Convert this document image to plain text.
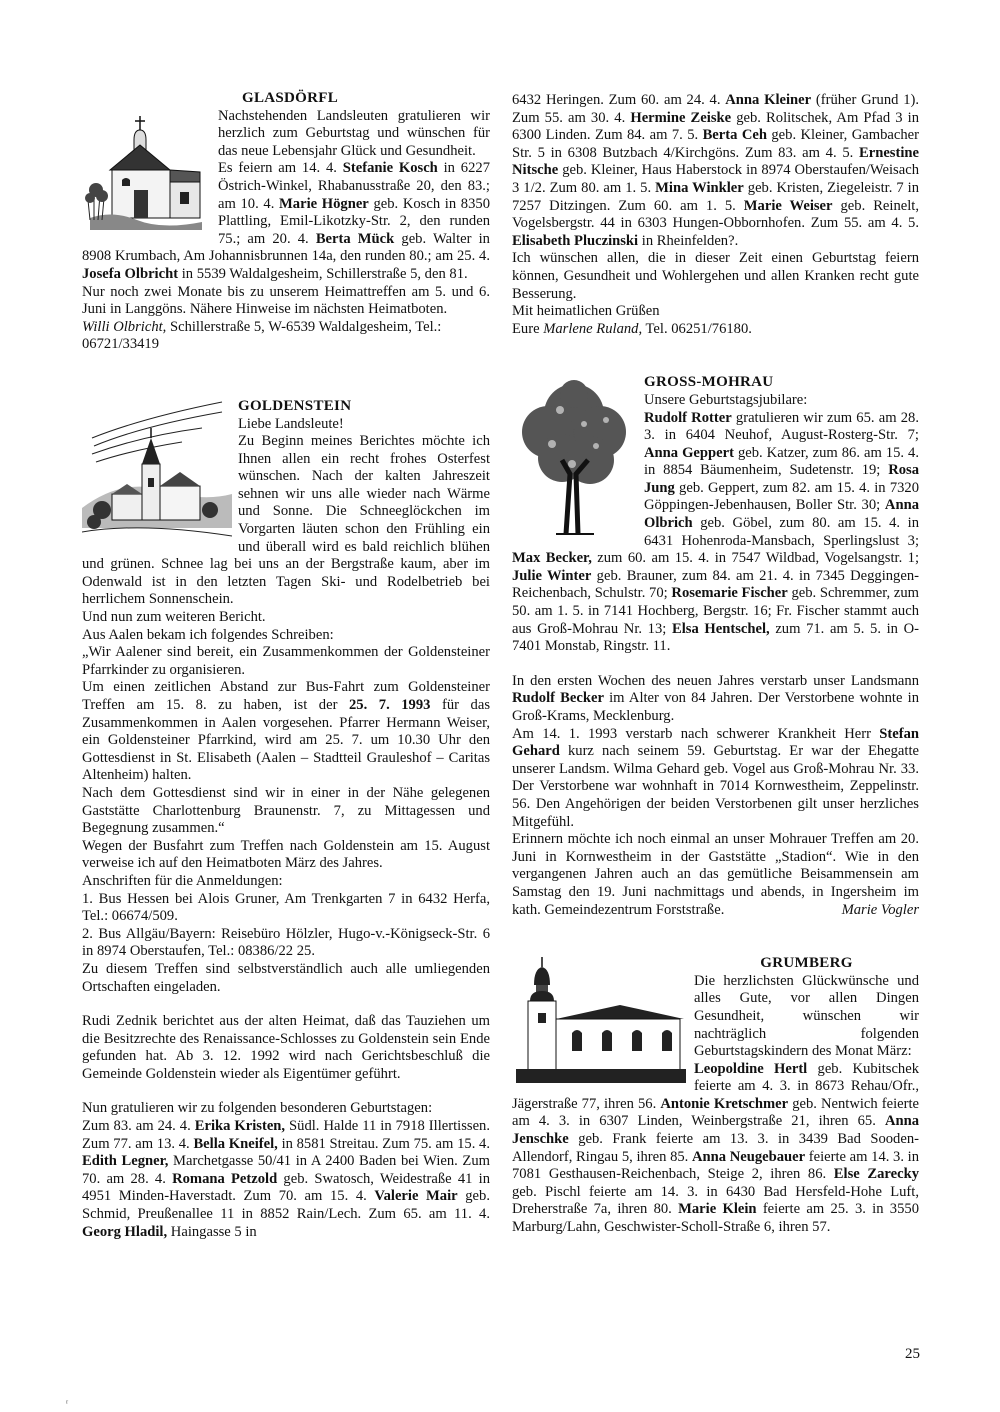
GLASDÖRFL

Nachstehenden Landsleuten gratulieren wir herzlich zum Geburtstag und wünschen für das neue Lebensjahr Glück und Gesundheit.

Es feiern am 14. 4. Stefanie Kosch in 6227 Östrich-Winkel, Rhabanusstraße 20, den 83.; am 10. 4. Marie Högner geb. Kosch in 8350 Plattling, Emil-Likotzky-Str. 2, den runden 75.; am 20. 4. Berta Mück geb. Walter in 8908 Krumbach, Am Johannisbrunnen 14a, den runden 80.; am 25. 4. Josefa Olbricht in 5539 Waldalgesheim, Schillerstraße 5, den 81.

Nur noch zwei Monate bis zu unserem Heimattreffen am 5. und 6. Juni in Langgöns. Nähere Hinweise im nächsten Heimatboten.

Willi Olbricht, Schillerstraße 5, W-6539 Waldalgesheim, Tel.: 06721/33419

GOLDENSTEIN

Liebe Landsleute!

Zu Beginn meines Berichtes möchte ich Ihnen allen ein recht frohes Osterfest wünschen. Nach der kalten Jahreszeit sehnen wir uns alle wieder nach Wärme und Sonne. Die Schneeglöckchen im Vorgarten läuten schon den Frühling ein und überall wird es bald reichlich blühen und grünen. Schnee lag bei uns an der Bergstraße kaum, aber im Odenwald ist in den letzten Tagen Ski- und Rodelbetrieb bei herrlichem Sonnenschein.

Und nun zum weiteren Bericht.

Aus Aalen bekam ich folgendes Schreiben:

„Wir Aalener sind bereit, ein Zusammenkommen der Goldensteiner Pfarrkinder zu organisieren.

Um einen zeitlichen Abstand zur Bus-Fahrt zum Goldensteiner Treffen am 15. 8. zu haben, ist der 25. 7. 1993 für das Zusammenkommen in Aalen vorgesehen. Pfarrer Hermann Weiser, ein Goldensteiner Pfarrkind, wird am 25. 7. um 10.30 Uhr den Gottesdienst in St. Elisabeth (Aalen – Stadtteil Grauleshof – Caritas Altenheim) halten.

Nach dem Gottesdienst sind wir in einer in der Nähe gelegenen Gaststätte Charlottenburg Braunenstr. 7, zu Mittagessen und Begegnung zusammen.“

Wegen der Busfahrt zum Treffen nach Goldenstein am 15. August verweise ich auf den Heimatboten März des Jahres.

Anschriften für die Anmeldungen:

1. Bus Hessen bei Alois Gruner, Am Trenkgarten 7 in 6432 Herfa, Tel.: 06674/509.

2. Bus Allgäu/Bayern: Reisebüro Hölzler, Hugo-v.-Königseck-Str. 6 in 8974 Oberstaufen, Tel.: 08386/22 25.

Zu diesem Treffen sind selbstverständlich auch alle umliegenden Ortschaften eingeladen.

Rudi Zednik berichtet aus der alten Heimat, daß das Tauziehen um die Besitzrechte des Renaissance-Schlosses zu Goldenstein sein Ende gefunden hat. Ab 3. 12. 1992 wird nach Gerichtsbeschluß die Gemeinde Goldenstein wieder als Eigentümer geführt.

Nun gratulieren wir zu folgenden besonderen Geburtstagen:

Zum 83. am 24. 4. Erika Kristen, Südl. Halde 11 in 7918 Illertissen. Zum 77. am 13. 4. Bella Kneifel, in 8581 Streitau. Zum 75. am 15. 4. Edith Legner, Marchetgasse 50/41 in A 2400 Baden bei Wien. Zum 70. am 28. 4. Romana Petzold geb. Swatosch, Weidestraße 41 in 4951 Minden-Haverstadt. Zum 70. am 15. 4. Valerie Mair geb. Schmid, Preußenallee 11 in 8852 Rain/Lech. Zum 65. am 11. 4. Georg Hladil, Haingasse 5 in

6432 Heringen. Zum 60. am 24. 4. Anna Kleiner (früher Grund 1). Zum 55. am 30. 4. Hermine Zeiske geb. Rolitschek, Am Pfad 3 in 6300 Linden. Zum 84. am 7. 5. Berta Ceh geb. Kleiner, Gambacher Str. 5 in 6308 Butzbach 4/Kirchgöns. Zum 83. am 4. 5. Ernestine Nitsche geb. Kleiner, Haus Haberstock in 8974 Oberstaufen/Weisach 3 1/2. Zum 80. am 1. 5. Mina Winkler geb. Kristen, Ziegeleistr. 7 in 7257 Ditzingen. Zum 60. am 1. 5. Marie Weiser geb. Reinelt, Vogelsbergstr. 44 in 6303 Hungen-Obbornhofen. Zum 55. am 4. 5. Elisabeth Pluczinski in Rheinfelden?.

Ich wünschen allen, die in dieser Zeit einen Geburtstag feiern können, Gesundheit und Wohlergehen und allen Kranken recht gute Besserung.

Mit heimatlichen Grüßen

Eure Marlene Ruland, Tel. 06251/76180.

GROSS-MOHRAU

Unsere Geburtstagsjubilare:

Rudolf Rotter gratulieren wir zum 65. am 28. 3. in 6404 Neuhof, August-Rosterg-Str. 7; Anna Geppert geb. Katzer, zum 86. am 15. 4. in 8854 Bäumenheim, Sudetenstr. 19; Rosa Jung geb. Geppert, zum 82. am 15. 4. in 7320 Göppingen-Jebenhausen, Boller Str. 30; Anna Olbrich geb. Göbel, zum 80. am 15. 4. in 6431 Hohenroda-Mansbach, Sperlingslust 3; Max Becker, zum 60. am 15. 4. in 7547 Wildbad, Vogelsangstr. 1; Julie Winter geb. Brauner, zum 84. am 21. 4. in 7345 Deggingen-Reichenbach, Schulstr. 70; Rosemarie Fischer geb. Schremmer, zum 50. am 1. 5. in 7141 Hochberg, Bergstr. 16; Fr. Fischer stammt auch aus Groß-Mohrau Nr. 13; Elsa Hentschel, zum 71. am 5. 5. in O-7401 Monstab, Ringstr. 11.

In den ersten Wochen des neuen Jahres verstarb unser Landsmann Rudolf Becker im Alter von 84 Jahren. Der Verstorbene wohnte in Groß-Krams, Mecklenburg.

Am 14. 1. 1993 verstarb nach schwerer Krankheit Herr Stefan Gehard kurz nach seinem 59. Geburtstag. Er war der Ehegatte unserer Landsm. Wilma Gehard geb. Vogel aus Groß-Mohrau Nr. 33. Der Verstorbene war wohnhaft in 7014 Kornwestheim, Zeppelinstr. 56. Den Angehörigen der beiden Verstorbenen gilt unser herzliches Mitgefühl.

Erinnern möchte ich noch einmal an unser Mohrauer Treffen am 20. Juni in Kornwestheim in der Gaststätte „Stadion“. Wie in den vergangenen Jahren auch an das gemütliche Beisammensein am Samstag den 19. Juni nachmittags und abends, in Ingersheim im kath. Gemeindezentrum Forststraße.	Marie Vogler

GRUMBERG

Die herzlichsten Glückwünsche und alles Gute, vor allen Dingen Gesundheit, wünschen wir nachträglich folgenden Geburtstagskindern des Monat März:

Leopoldine Hertl geb. Kubitschek feierte am 4. 3. in 8673 Rehau/Ofr., Jägerstraße 77, ihren 56. Antonie Kretschmer geb. Nentwich feierte am 4. 3. in 6307 Linden, Weinbergstraße 21, ihren 65. Anna Jenschke geb. Frank feierte am 13. 3. in 3439 Bad Sooden-Allendorf, Ringau 5, ihren 85. Anna Neugebauer feierte am 14. 3. in 7081 Gesthausen-Reichenbach, Steige 2, ihren 86. Else Zarecky geb. Pischl feierte am 14. 3. in 6430 Bad Hersfeld-Hohe Luft, Dreherstraße 7a, ihren 80. Marie Klein feierte am 25. 3. in 3550 Marburg/Lahn, Geschwister-Scholl-Straße 6, ihren 57.

25
ʳ
